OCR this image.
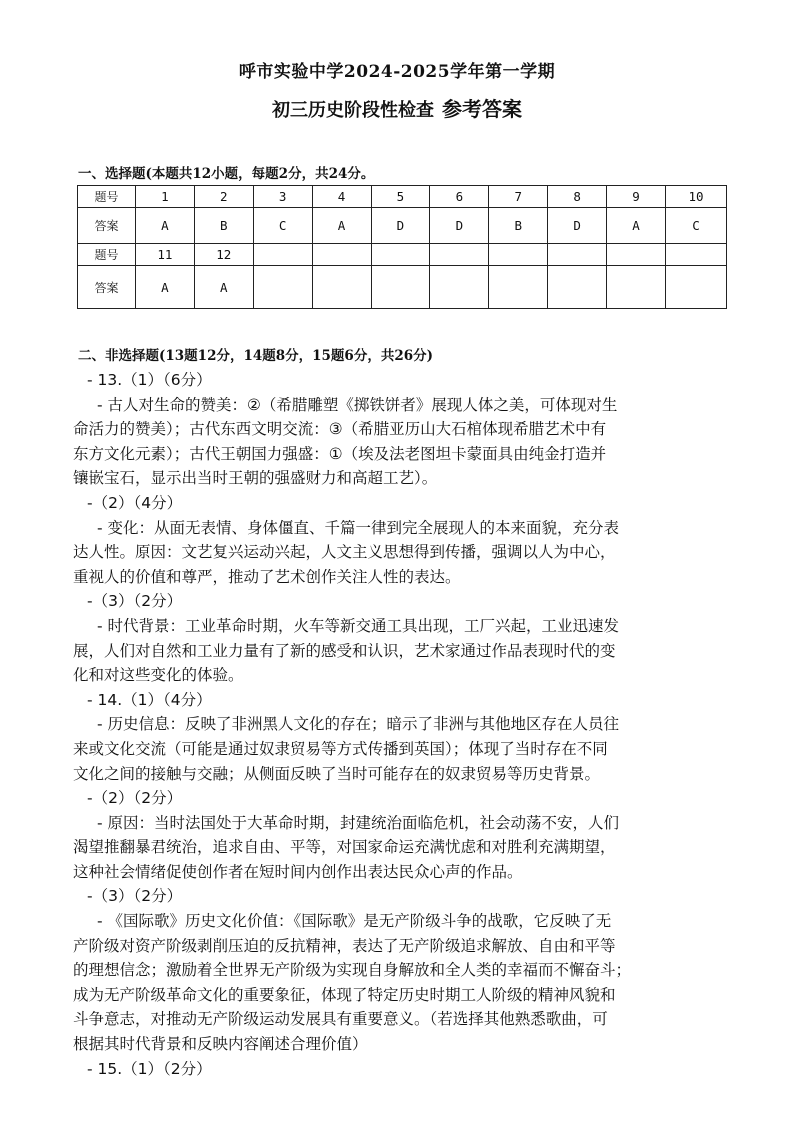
呼市实验中学2024-2025学年第一学期
初三历史阶段性检查 参考答案
一、选择题(本题共12小题，每题2分，共24分。
题号	1	2	3	4	5	6	7	8	9	10
答案	A	B	C	A	D	D	B	D	A	C
题号	11	12								
答案	A	A								
二、非选择题(13题12分，14题8分，15题6分，共26分)

- 13.（1）（6分）

- 古人对生命的赞美：②（希腊雕塑《掷铁饼者》展现人体之美，可体现对生

命活力的赞美）；古代东西文明交流：③（希腊亚历山大石棺体现希腊艺术中有

东方文化元素）；古代王朝国力强盛：①（埃及法老图坦卡蒙面具由纯金打造并

镶嵌宝石，显示出当时王朝的强盛财力和高超工艺）。

-（2）（4分）

- 变化：从面无表情、身体僵直、千篇一律到完全展现人的本来面貌，充分表

达人性。原因：文艺复兴运动兴起，人文主义思想得到传播，强调以人为中心，

重视人的价值和尊严，推动了艺术创作关注人性的表达。

-（3）（2分）

- 时代背景：工业革命时期，火车等新交通工具出现，工厂兴起，工业迅速发

展，人们对自然和工业力量有了新的感受和认识，艺术家通过作品表现时代的变

化和对这些变化的体验。

- 14.（1）（4分）

- 历史信息：反映了非洲黑人文化的存在；暗示了非洲与其他地区存在人员往

来或文化交流（可能是通过奴隶贸易等方式传播到英国）；体现了当时存在不同

文化之间的接触与交融；从侧面反映了当时可能存在的奴隶贸易等历史背景。

-（2）（2分）

- 原因：当时法国处于大革命时期，封建统治面临危机，社会动荡不安，人们

渴望推翻暴君统治，追求自由、平等，对国家命运充满忧虑和对胜利充满期望，

这种社会情绪促使创作者在短时间内创作出表达民众心声的作品。

-（3）（2分）

- 《国际歌》历史文化价值：《国际歌》是无产阶级斗争的战歌，它反映了无

产阶级对资产阶级剥削压迫的反抗精神，表达了无产阶级追求解放、自由和平等

的理想信念；激励着全世界无产阶级为实现自身解放和全人类的幸福而不懈奋斗；

成为无产阶级革命文化的重要象征，体现了特定历史时期工人阶级的精神风貌和

斗争意志，对推动无产阶级运动发展具有重要意义。（若选择其他熟悉歌曲，可

根据其时代背景和反映内容阐述合理价值）

- 15.（1）（2分）
